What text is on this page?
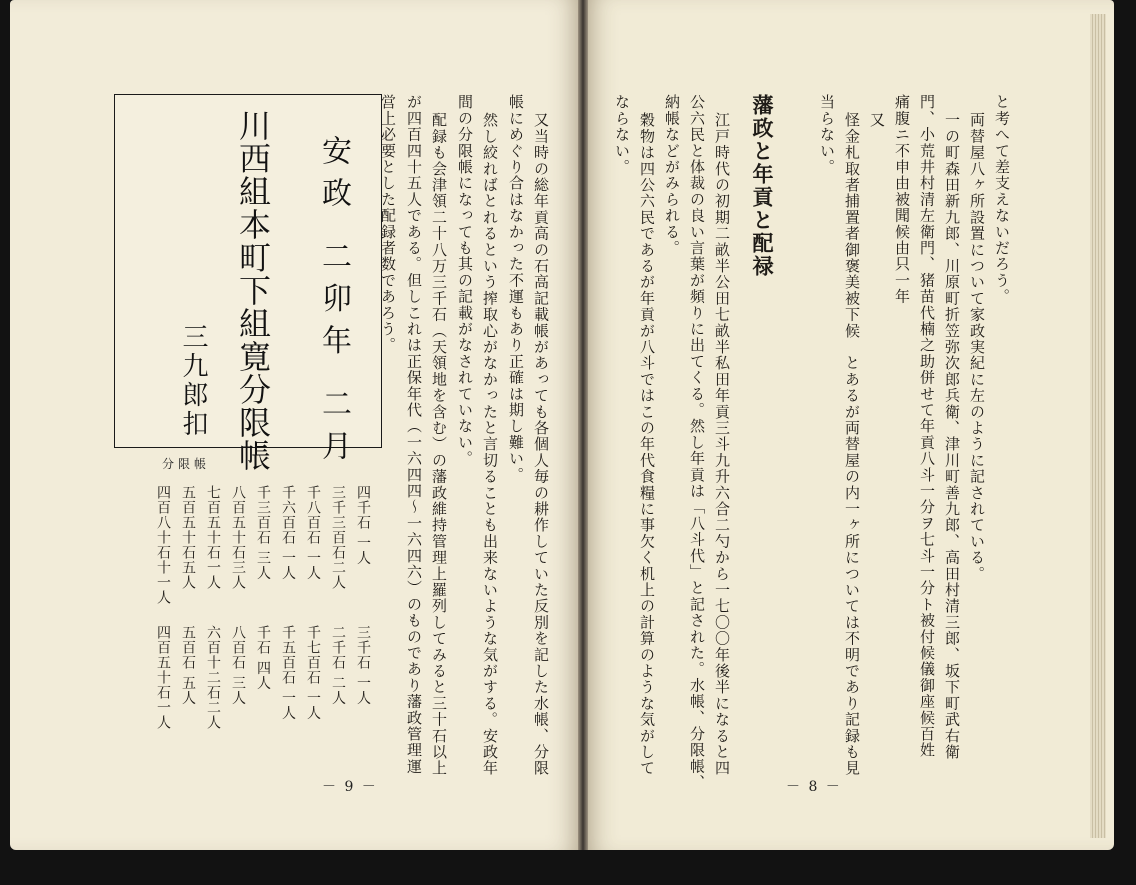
安政 二卯年 二月
川西組本町下組寛分限帳
三九郎扣
分限帳	又当時の総年貢高の石高記載帳があっても各個人毎の耕作していた反別を記した水帳、分限
帳にめぐり合はなかった不運もあり正確は期し難い。
然し絞ればとれるという搾取心がなかったと言切ることも出来ないような気がする。安政年
間の分限帳になっても其の記載がなされていない。
配録も会津領二十八万三千石（天領地を含む）の藩政維持管理上羅列してみると三十石以上
が四百四十五人である。但しこれは正保年代（一六四四～一六四六）のものであり藩政管理運
営上必要とした配録者数であろう。
四千石 一人
三千三百石二人
千八百石 一人
千六百石 一人
千三百石 三人
八百五十石三人
七百五十石一人
五百五十石五人
四百八十石十一人
三千石 一人
二千石 二人
千七百石 一人
千五百石 一人
千石 四人
八百石 三人
六百十二石二人
五百石 五人
四百五十石一人
－ 9 －
と考へて差支えないだろう。
両替屋八ヶ所設置について家政実紀に左のように記されている。
一の町森田新九郎、川原町折笠弥次郎兵衛、津川町善九郎、高田村清三郎、坂下町武右衛
門、小荒井村清左衛門、猪苗代楠之助併せて年貢八斗一分ヲ七斗一分ト被付候儀御座候百姓
痛腹ニ不申由被聞候由只一年
又
怪金札取者捕置者御褒美被下候　とあるが両替屋の内一ヶ所については不明であり記録も見
当らない。
藩政と年貢と配禄
江戸時代の初期二畝半公田七畝半私田年貢三斗九升六合二勺から一七〇〇年後半になると四
公六民と体裁の良い言葉が頻りに出てくる。然し年貢は「八斗代」と記された。水帳、分限帳、
納帳などがみられる。
穀物は四公六民であるが年貢が八斗ではこの年代食糧に事欠く机上の計算のような気がして
ならない。
－ 8 －
